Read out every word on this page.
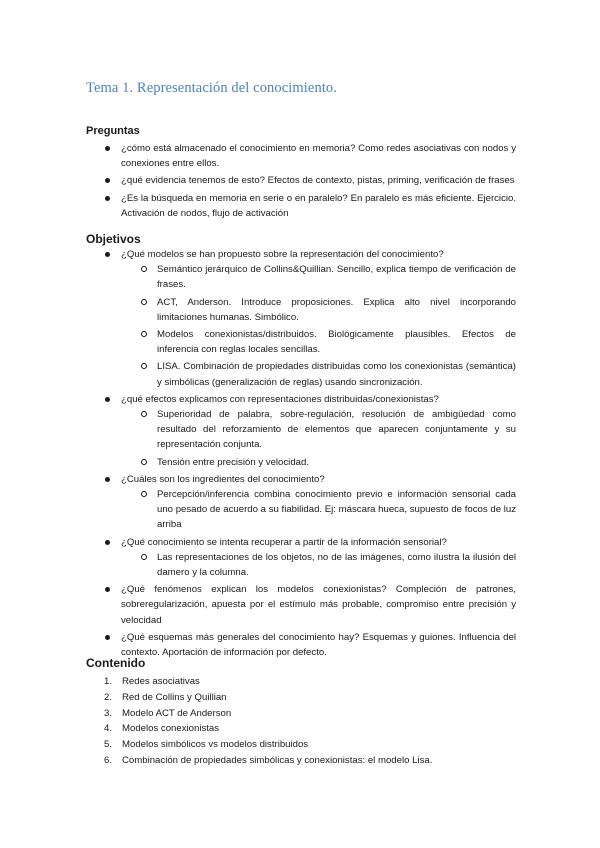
Tema 1. Representación del conocimiento.
Preguntas
¿cómo está almacenado el conocimiento en memoria? Como redes asociativas con nodos y conexiones entre ellos.
¿qué evidencia tenemos de esto? Efectos de contexto, pistas, priming, verificación de frases
¿Es la búsqueda en memoria en serie o en paralelo? En paralelo es más eficiente. Ejercicio. Activación de nodos, flujo de activación
Objetivos
¿Qué modelos se han propuesto sobre la representación del conocimiento?
Semántico jerárquico de Collins&Quillian. Sencillo, explica tiempo de verificación de frases.
ACT, Anderson. Introduce proposiciones. Explica alto nivel incorporando limitaciones humanas. Simbólico.
Modelos conexionistas/distribuidos. Biológicamente plausibles. Efectos de inferencia con reglas locales sencillas.
LISA. Combinación de propiedades distribuidas como los conexionistas (semántica) y simbólicas (generalización de reglas) usando sincronización.
¿qué efectos explicamos con representaciones distribuidas/conexionistas?
Superioridad de palabra, sobre-regulación, resolución de ambigüedad como resultado del reforzamiento de elementos que aparecen conjuntamente y su representación conjunta.
Tensión entre precisión y velocidad.
¿Cuáles son los ingredientes del conocimiento?
Percepción/inferencia combina conocimiento previo e información sensorial cada uno pesado de acuerdo a su fiabilidad. Ej: máscara hueca, supuesto de focos de luz arriba
¿Qué conocimiento se intenta recuperar a partir de la información sensorial?
Las representaciones de los objetos, no de las imágenes, como ilustra la ilusión del damero y la columna.
¿Qué fenómenos explican los modelos conexionistas? Compleción de patrones, sobreregularización, apuesta por el estímulo más probable, compromiso entre precisión y velocidad
¿Qué esquemas más generales del conocimiento hay? Esquemas y guiones. Influencia del contexto. Aportación de información por defecto.
Contenido
1. Redes asociativas
2. Red de Collins y Quillian
3. Modelo ACT de Anderson
4. Modelos conexionistas
5. Modelos simbólicos vs modelos distribuidos
6. Combinación de propiedades simbólicas y conexionistas: el modelo Lisa.
